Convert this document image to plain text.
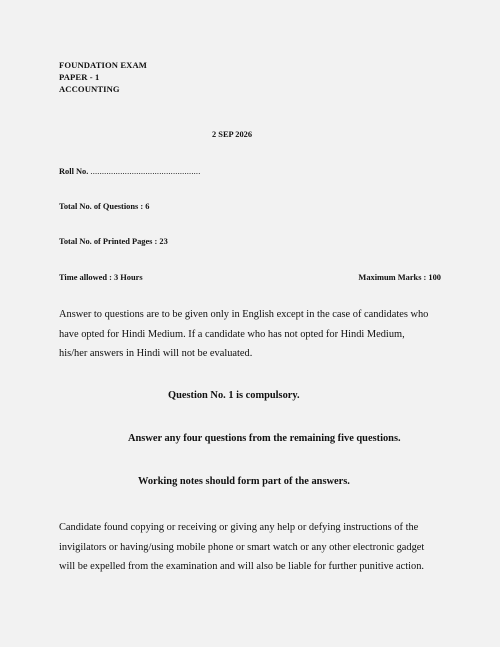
FOUNDATION EXAM
PAPER - 1
ACCOUNTING
2 SEP 2026
Roll No. ................................................
Total No. of Questions : 6
Total No. of Printed Pages : 23
Time allowed : 3 Hours	Maximum Marks : 100
Answer to questions are to be given only in English except in the case of candidates who
have opted for Hindi Medium. If a candidate who has not opted for Hindi Medium,
his/her answers in Hindi will not be evaluated.
Question No. 1 is compulsory.
Answer any four questions from the remaining five questions.
Working notes should form part of the answers.
Candidate found copying or receiving or giving any help or defying instructions of the
invigilators or having/using mobile phone or smart watch or any other electronic gadget
will be expelled from the examination and will also be liable for further punitive action.
